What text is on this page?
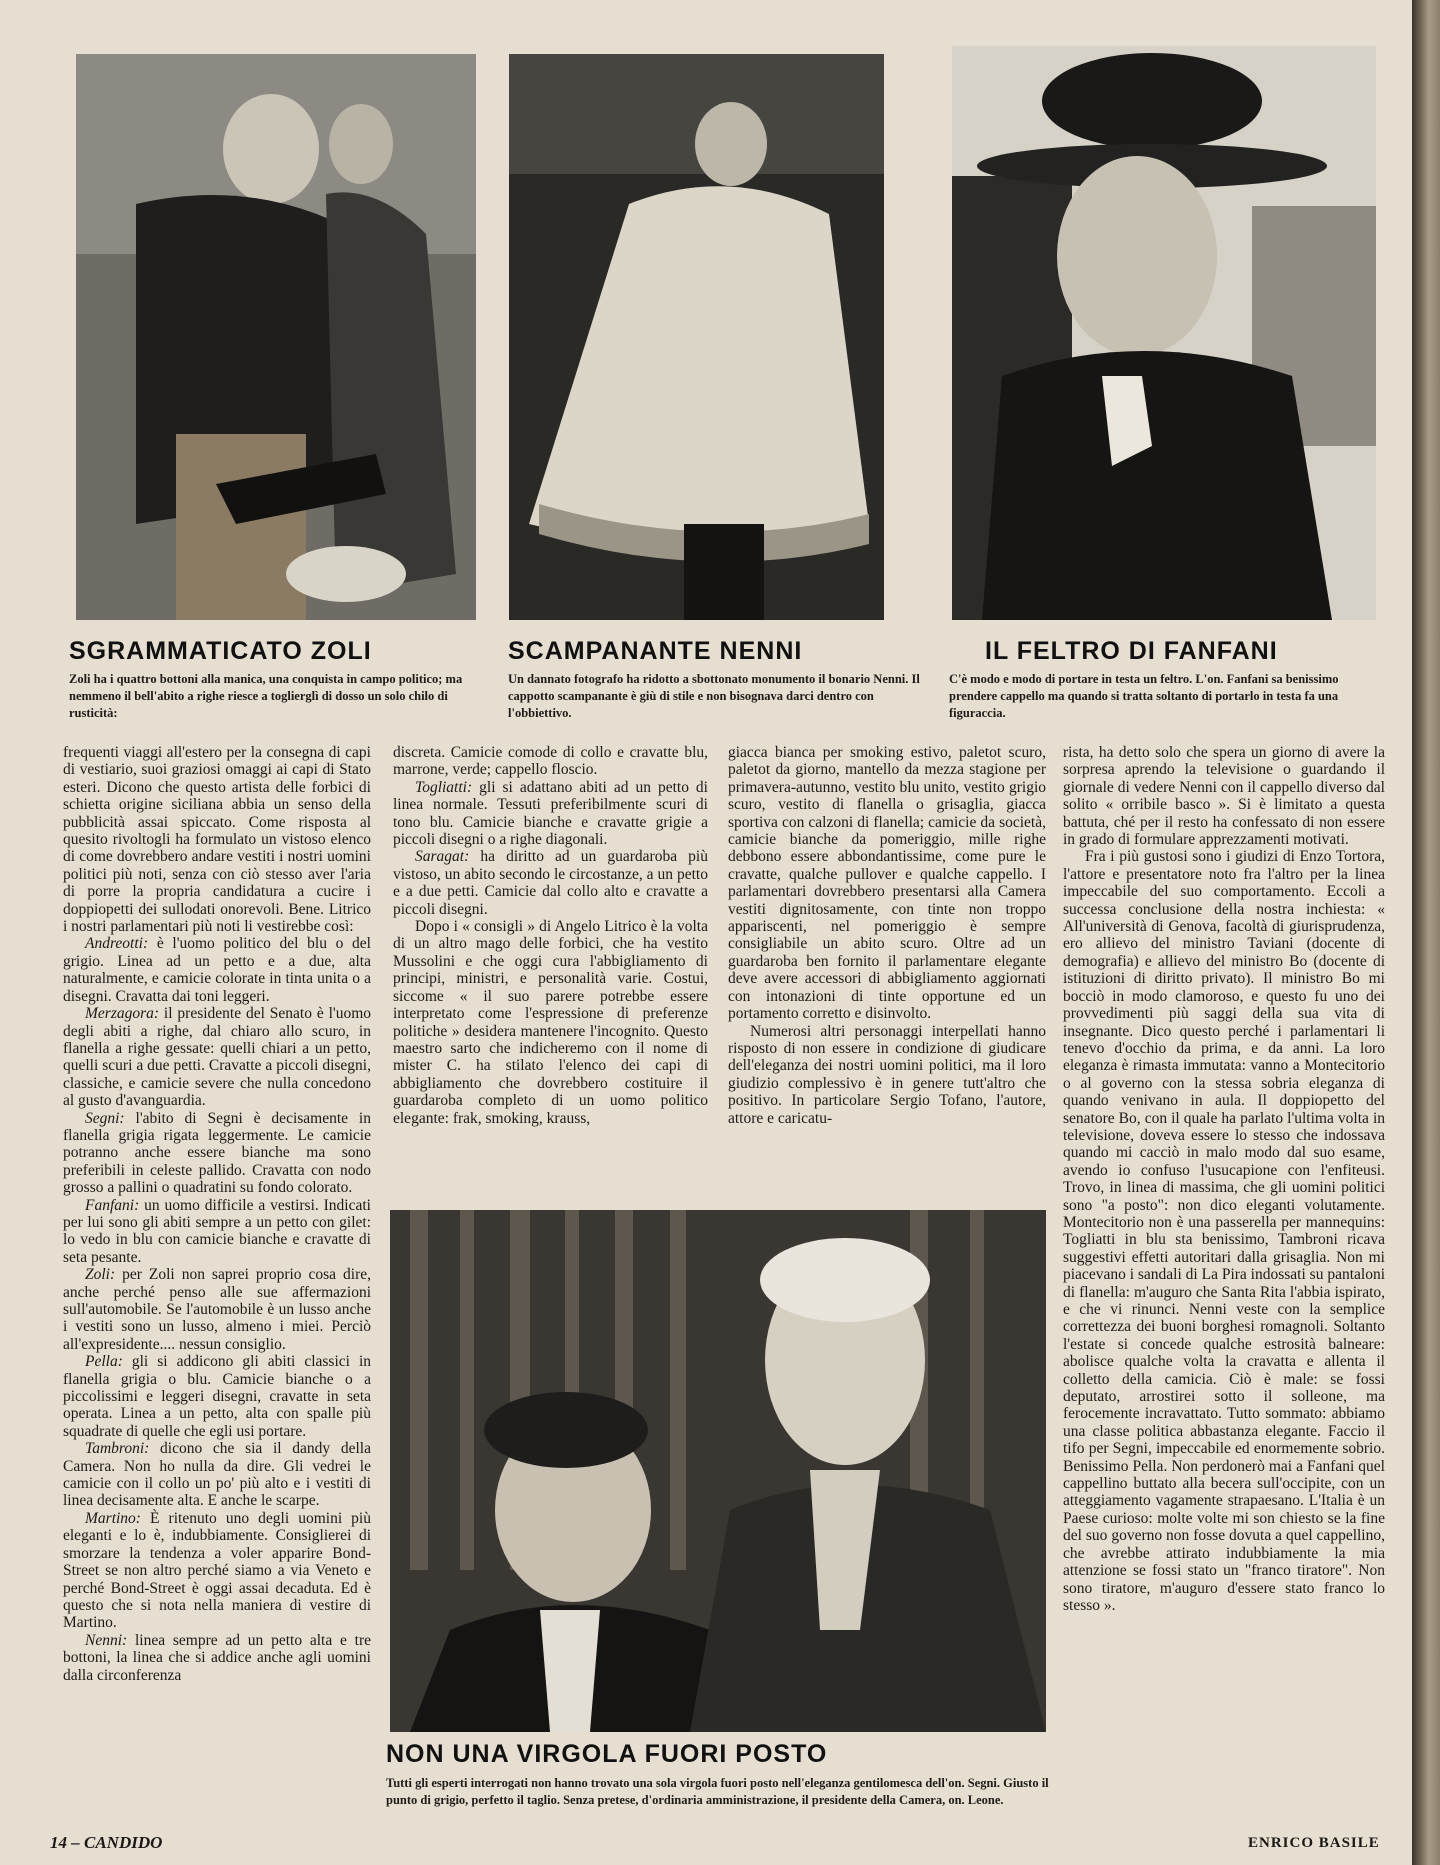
SGRAMMATICATO ZOLI

Zoli ha i quattro bottoni alla manica, una conquista in campo politico; ma nemmeno il bell'abito a righe riesce a toglierglì di dosso un solo chilo di rusticità:

SCAMPANANTE NENNI

Un dannato fotografo ha ridotto a sbottonato monumento il bonario Nenni. Il cappotto scampanante è giù di stile e non bisognava darci dentro con l'obbiettivo.

IL FELTRO DI FANFANI

C'è modo e modo di portare in testa un feltro. L'on. Fanfani sa benissimo prendere cappello ma quando si tratta soltanto di portarlo in testa fa una figuraccia.

frequenti viaggi all'estero per la consegna di capi di vestiario, suoi graziosi omaggi ai capi di Stato esteri. Dicono che questo artista delle forbici di schietta origine siciliana abbia un senso della pubblicità assai spiccato. Come risposta al quesito rivoltogli ha formulato un vistoso elenco di come dovrebbero andare vestiti i nostri uomini politici più noti, senza con ciò stesso aver l'aria di porre la propria candidatura a cucire i doppiopetti dei sullodati onorevoli. Bene. Litrico i nostri parlamentari più noti li vestirebbe così:

Andreotti: è l'uomo politico del blu o del grigio. Linea ad un petto e a due, alta naturalmente, e camicie colorate in tinta unita o a disegni. Cravatta dai toni leggeri.

Merzagora: il presidente del Senato è l'uomo degli abiti a righe, dal chiaro allo scuro, in flanella a righe gessate: quelli chiari a un petto, quelli scuri a due petti. Cravatte a piccoli disegni, classiche, e camicie severe che nulla concedono al gusto d'avanguardia.

Segni: l'abito di Segni è decisamente in flanella grigia rigata leggermente. Le camicie potranno anche essere bianche ma sono preferibili in celeste pallido. Cravatta con nodo grosso a pallini o quadratini su fondo colorato.

Fanfani: un uomo difficile a vestirsi. Indicati per lui sono gli abiti sempre a un petto con gilet: lo vedo in blu con camicie bianche e cravatte di seta pesante.

Zoli: per Zoli non saprei proprio cosa dire, anche perché penso alle sue affermazioni sull'automobile. Se l'automobile è un lusso anche i vestiti sono un lusso, almeno i miei. Perciò all'expresidente.... nessun consiglio.

Pella: gli si addicono gli abiti classici in flanella grigia o blu. Camicie bianche o a piccolissimi e leggeri disegni, cravatte in seta operata. Linea a un petto, alta con spalle più squadrate di quelle che egli usi portare.

Tambroni: dicono che sia il dandy della Camera. Non ho nulla da dire. Gli vedrei le camicie con il collo un po' più alto e i vestiti di linea decisamente alta. E anche le scarpe.

Martino: È ritenuto uno degli uomini più eleganti e lo è, indubbiamente. Consiglierei di smorzare la tendenza a voler apparire Bond-Street se non altro perché siamo a via Veneto e perché Bond-Street è oggi assai decaduta. Ed è questo che si nota nella maniera di vestire di Martino.

Nenni: linea sempre ad un petto alta e tre bottoni, la linea che si addice anche agli uomini dalla circonferenza

discreta. Camicie comode di collo e cravatte blu, marrone, verde; cappello floscio.

Togliatti: gli si adattano abiti ad un petto di linea normale. Tessuti preferibilmente scuri di tono blu. Camicie bianche e cravatte grigie a piccoli disegni o a righe diagonali.

Saragat: ha diritto ad un guardaroba più vistoso, un abito secondo le circostanze, a un petto e a due petti. Camicie dal collo alto e cravatte a piccoli disegni.

Dopo i « consigli » di Angelo Litrico è la volta di un altro mago delle forbici, che ha vestito Mussolini e che oggi cura l'abbigliamento di principi, ministri, e personalità varie. Costui, siccome « il suo parere potrebbe essere interpretato come l'espressione di preferenze politiche » desidera mantenere l'incognito. Questo maestro sarto che indicheremo con il nome di mister C. ha stilato l'elenco dei capi di abbigliamento che dovrebbero costituire il guardaroba completo di un uomo politico elegante: frak, smoking, krauss,

giacca bianca per smoking estivo, paletot scuro, paletot da giorno, mantello da mezza stagione per primavera-autunno, vestito blu unito, vestito grigio scuro, vestito di flanella o grisaglia, giacca sportiva con calzoni di flanella; camicie da società, camicie bianche da pomeriggio, mille righe debbono essere abbondantissime, come pure le cravatte, qualche pullover e qualche cappello. I parlamentari dovrebbero presentarsi alla Camera vestiti dignitosamente, con tinte non troppo appariscenti, nel pomeriggio è sempre consigliabile un abito scuro. Oltre ad un guardaroba ben fornito il parlamentare elegante deve avere accessori di abbigliamento aggiornati con intonazioni di tinte opportune ed un portamento corretto e disinvolto.

Numerosi altri personaggi interpellati hanno risposto di non essere in condizione di giudicare dell'eleganza dei nostri uomini politici, ma il loro giudizio complessivo è in genere tutt'altro che positivo. In particolare Sergio Tofano, l'autore, attore e caricatu-

rista, ha detto solo che spera un giorno di avere la sorpresa aprendo la televisione o guardando il giornale di vedere Nenni con il cappello diverso dal solito « orribile basco ». Si è limitato a questa battuta, ché per il resto ha confessato di non essere in grado di formulare apprezzamenti motivati.

Fra i più gustosi sono i giudizi di Enzo Tortora, l'attore e presentatore noto fra l'altro per la linea impeccabile del suo comportamento. Eccoli a successa conclusione della nostra inchiesta: « All'università di Genova, facoltà di giurisprudenza, ero allievo del ministro Taviani (docente di demografia) e allievo del ministro Bo (docente di istituzioni di diritto privato). Il ministro Bo mi bocciò in modo clamoroso, e questo fu uno dei provvedimenti più saggi della sua vita di insegnante. Dico questo perché i parlamentari li tenevo d'occhio da prima, e da anni. La loro eleganza è rimasta immutata: vanno a Montecitorio o al governo con la stessa sobria eleganza di quando venivano in aula. Il doppiopetto del senatore Bo, con il quale ha parlato l'ultima volta in televisione, doveva essere lo stesso che indossava quando mi cacciò in malo modo dal suo esame, avendo io confuso l'usucapione con l'enfiteusi. Trovo, in linea di massima, che gli uomini politici sono "a posto": non dico eleganti volutamente. Montecitorio non è una passerella per mannequins: Togliatti in blu sta benissimo, Tambroni ricava suggestivi effetti autoritari dalla grisaglia. Non mi piacevano i sandali di La Pira indossati su pantaloni di flanella: m'auguro che Santa Rita l'abbia ispirato, e che vi rinunci. Nenni veste con la semplice correttezza dei buoni borghesi romagnoli. Soltanto l'estate si concede qualche estrosità balneare: abolisce qualche volta la cravatta e allenta il colletto della camicia. Ciò è male: se fossi deputato, arrostirei sotto il solleone, ma ferocemente incravattato. Tutto sommato: abbiamo una classe politica abbastanza elegante. Faccio il tifo per Segni, impeccabile ed enormemente sobrio. Benissimo Pella. Non perdonerò mai a Fanfani quel cappellino buttato alla becera sull'occipite, con un atteggiamento vagamente strapaesano. L'Italia è un Paese curioso: molte volte mi son chiesto se la fine del suo governo non fosse dovuta a quel cappellino, che avrebbe attirato indubbiamente la mia attenzione se fossi stato un "franco tiratore". Non sono tiratore, m'auguro d'essere stato franco lo stesso ».

NON UNA VIRGOLA FUORI POSTO

Tutti gli esperti interrogati non hanno trovato una sola virgola fuori posto nell'eleganza gentilomesca dell'on. Segni. Giusto il punto di grigio, perfetto il taglio. Senza pretese, d'ordinaria amministrazione, il presidente della Camera, on. Leone.

14 – CANDIDO	ENRICO BASILE
